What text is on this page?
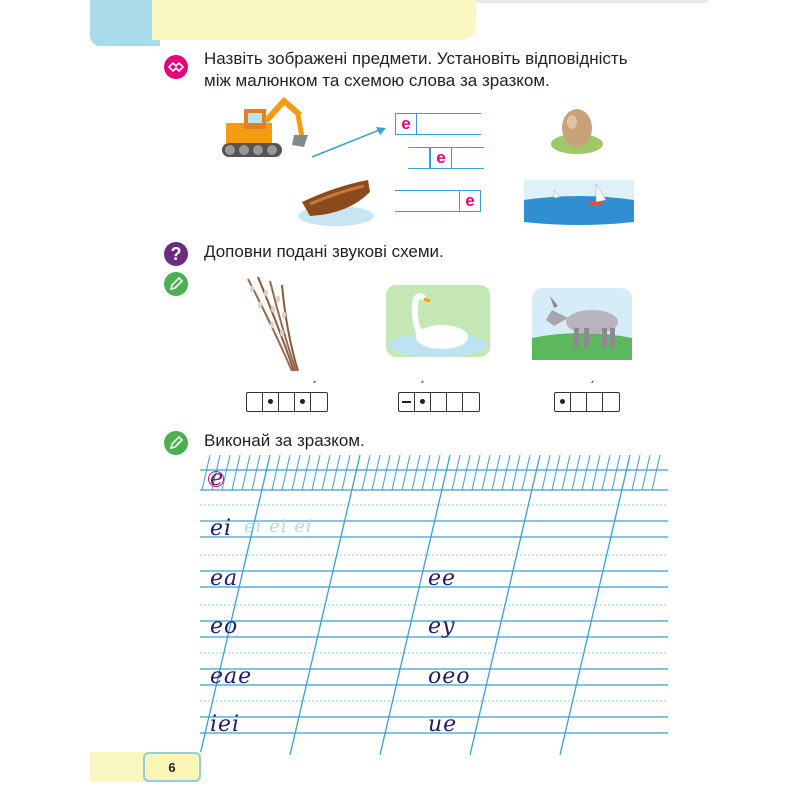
Назвіть зображені предмети. Установіть відповідність
між малюнком та схемою слова за зразком.
е
е
е
?	Доповни подані звукові схеми.
ˊ	ˊ	ˊ
Виконай за зразком.
е
еі еі еі еі
еа
ео
еае
іеі
ее
еу
оео
ие
6
